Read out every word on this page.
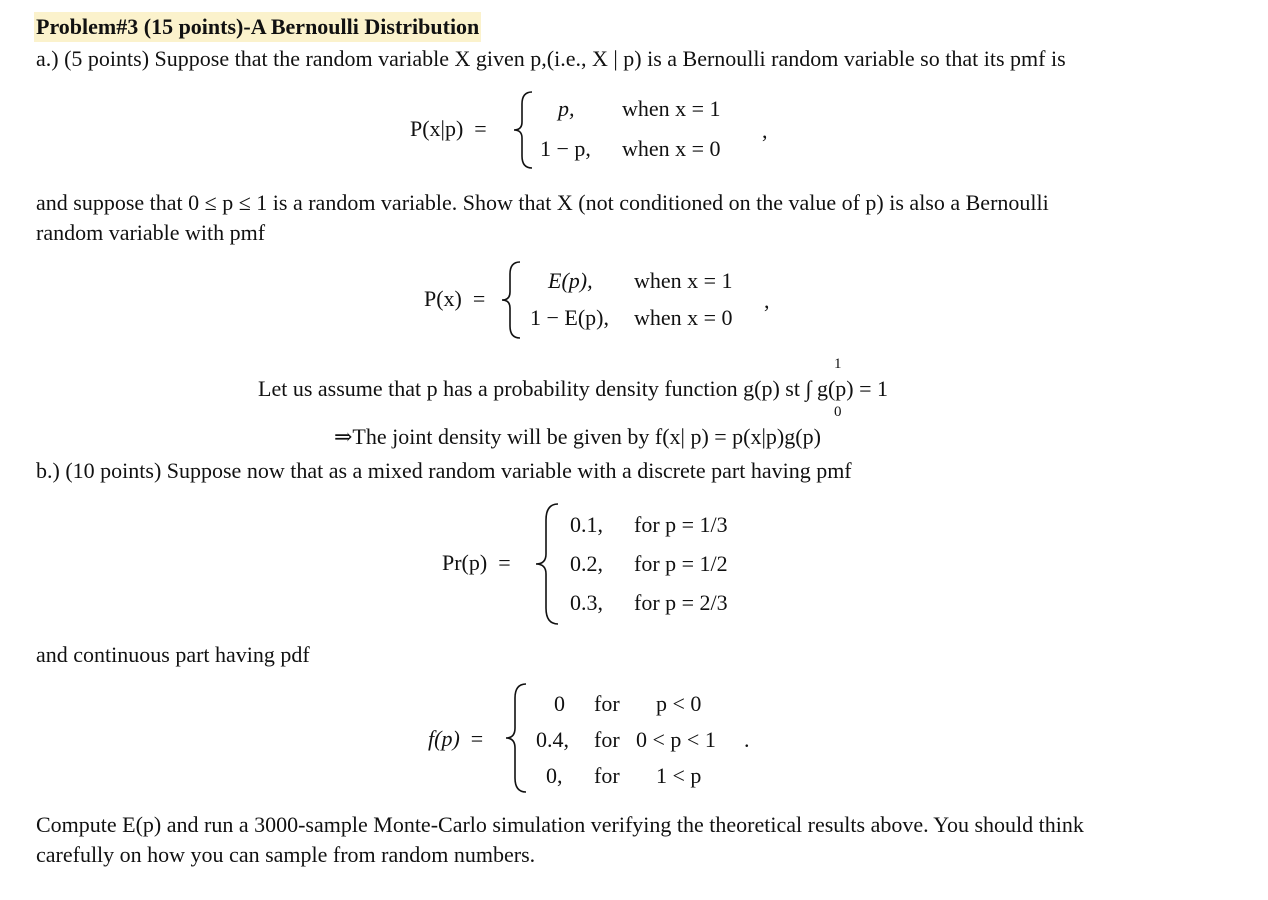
Problem#3 (15 points)-A Bernoulli Distribution
a.) (5 points) Suppose that the random variable X given p,(i.e., X | p) is a Bernoulli random variable so that its pmf is
P(x|p)  =
p, when x = 1
1 − p, when x = 0
,
and suppose that 0 ≤ p ≤ 1 is a random variable. Show that X (not conditioned on the value of p) is also a Bernoulli
random variable with pmf
P(x)  =
E(p), when x = 1
1 − E(p), when x = 0
,
1
0
Let us assume that p has a probability density function g(p) st ∫ g(p) = 1
⇒The joint density will be given by f(x| p) = p(x|p)g(p)
b.) (10 points) Suppose now that as a mixed random variable with a discrete part having pmf
Pr(p)  =
0.1, for p = 1/3
0.2, for p = 1/2
0.3, for p = 2/3
and continuous part having pdf
f(p)  =
0 for p < 0
0.4, for 0 < p < 1 .
0, for 1 < p
Compute E(p) and run a 3000-sample Monte-Carlo simulation verifying the theoretical results above. You should think
carefully on how you can sample from random numbers.
